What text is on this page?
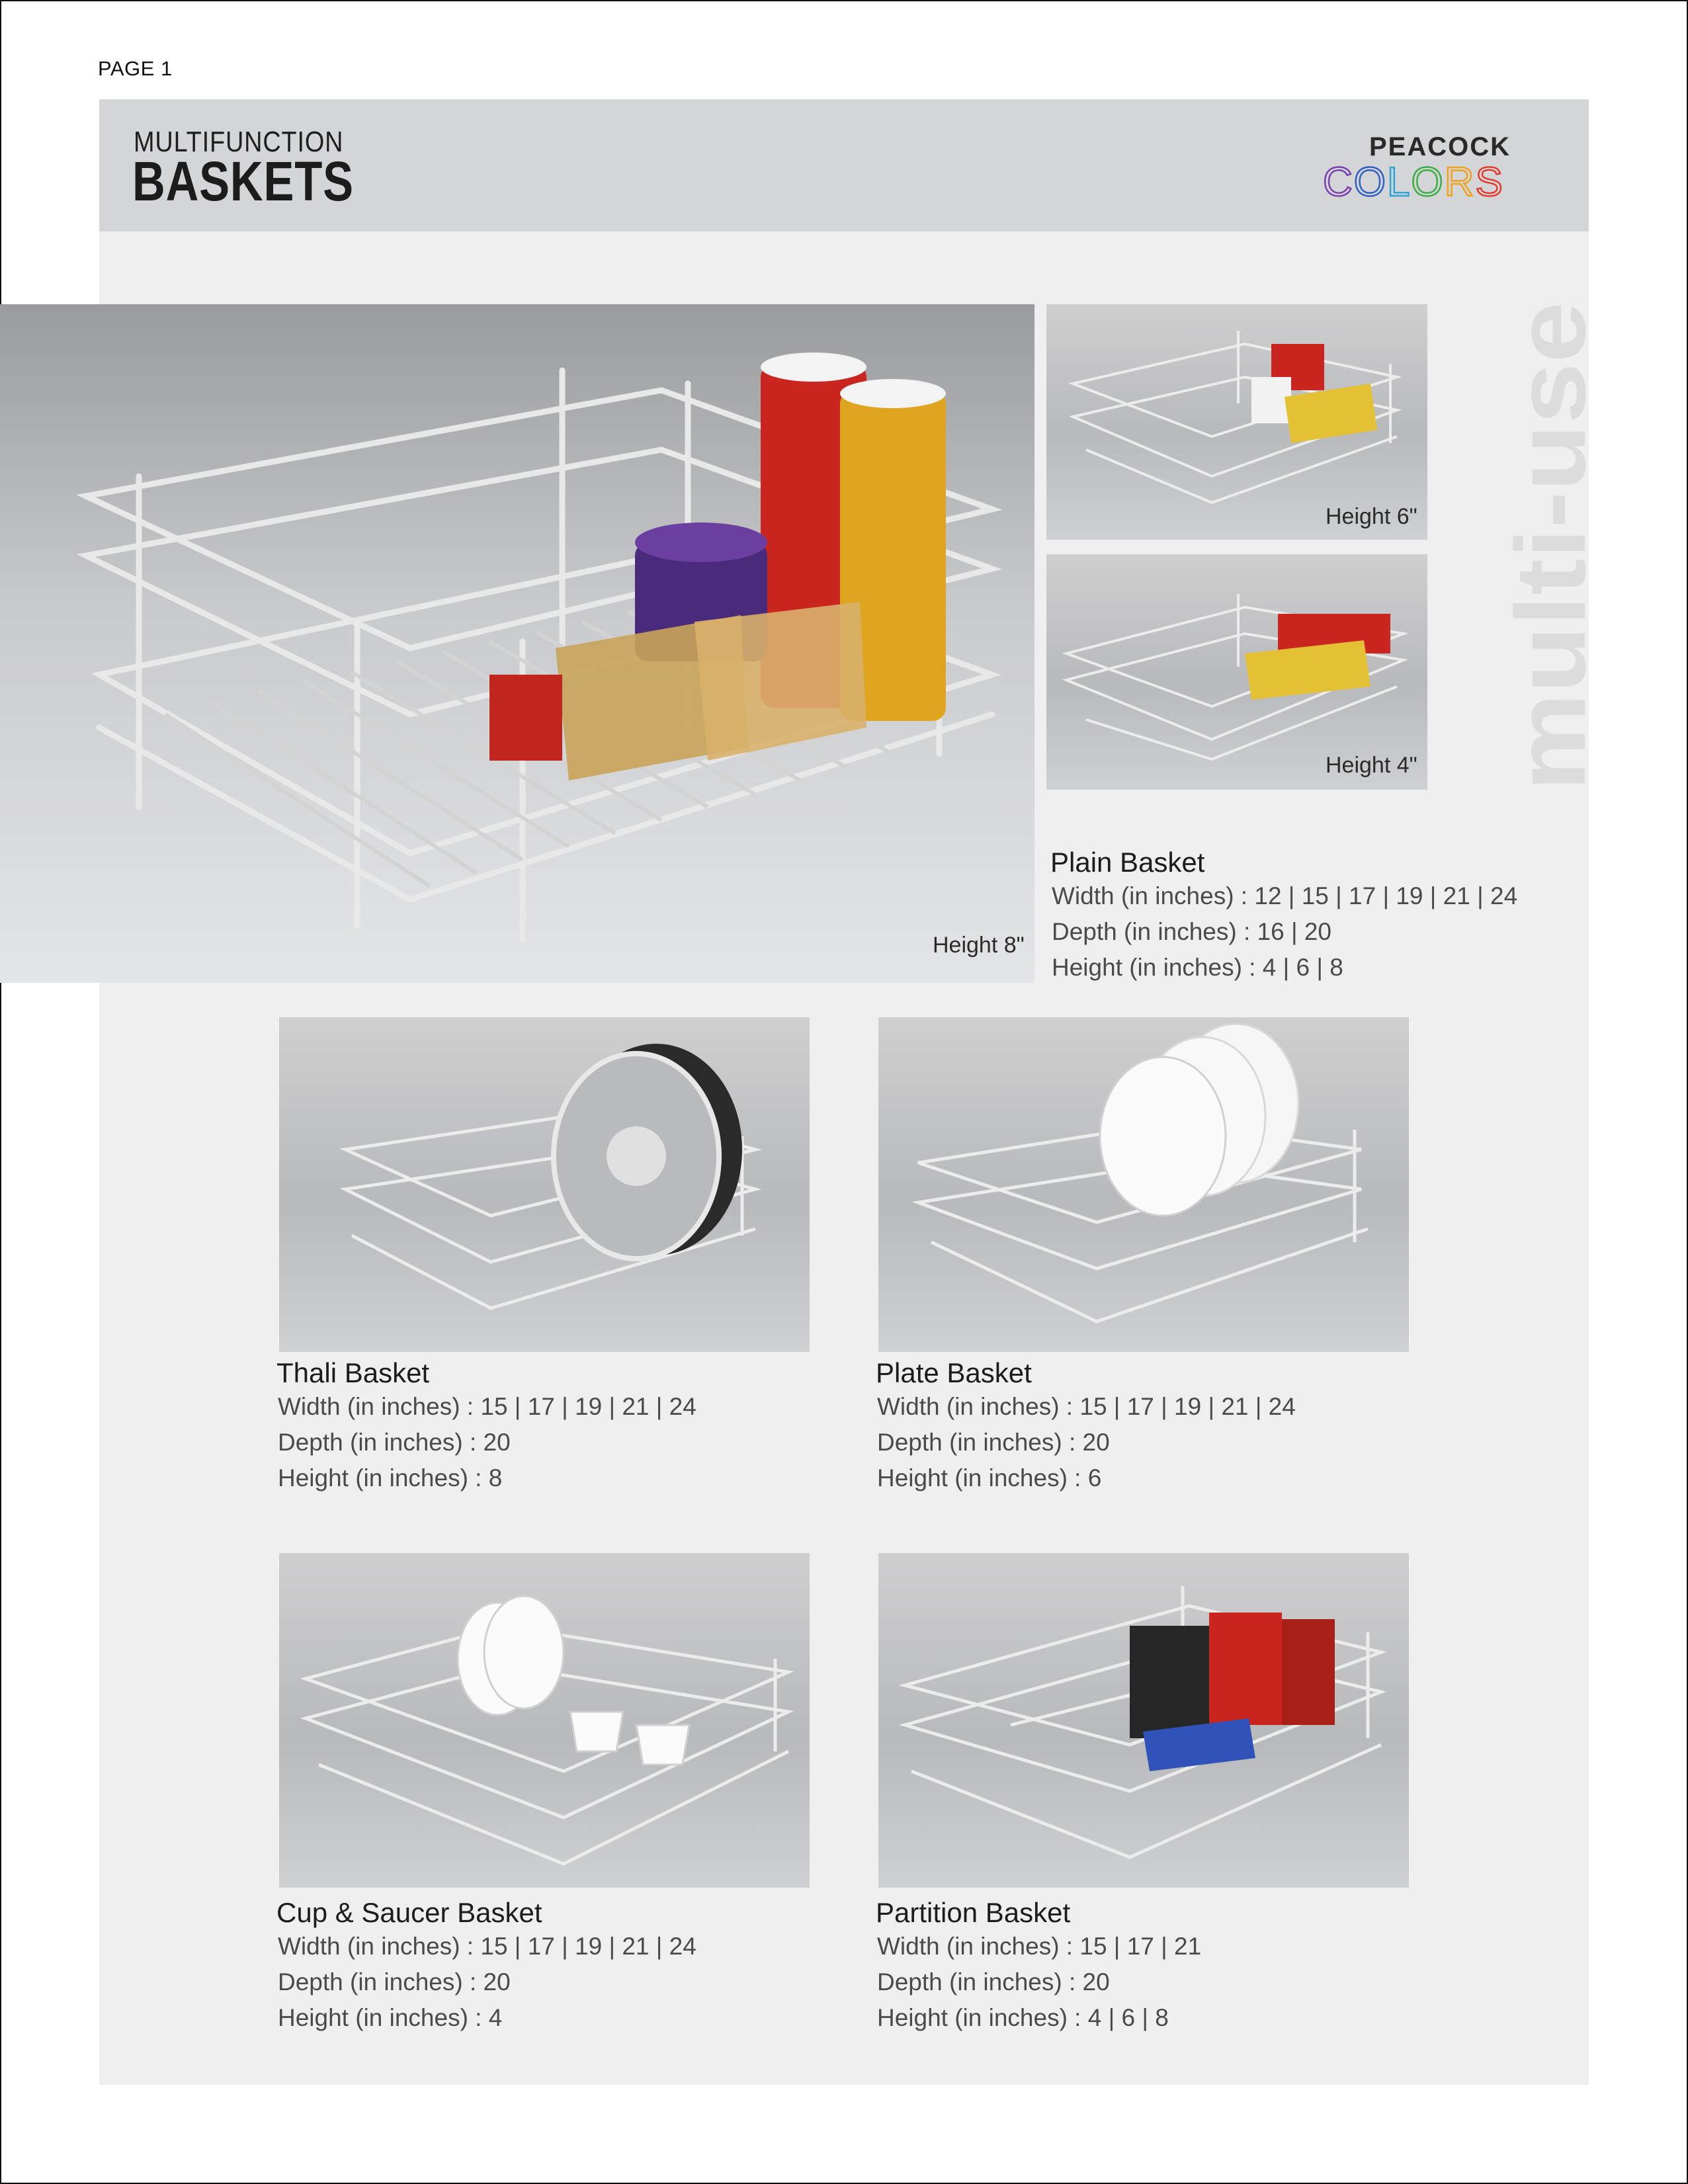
PAGE 1
MULTIFUNCTION
BASKETS
PEACOCK
COLORS
multi-use
Height 8"
Height 6"
Height 4"
Plain Basket
Width (in inches) : 12 | 15 | 17 | 19 | 21 | 24
Depth (in inches) : 16 | 20
Height (in inches) : 4 | 6 | 8
Thali Basket
Width (in inches) : 15 | 17 | 19 | 21 | 24
Depth (in inches) : 20
Height (in inches) : 8
Plate Basket
Width (in inches) : 15 | 17 | 19 | 21 | 24
Depth (in inches) : 20
Height (in inches) : 6
Cup & Saucer Basket
Width (in inches) : 15 | 17 | 19 | 21 | 24
Depth (in inches) : 20
Height (in inches) : 4
Partition Basket
Width (in inches) : 15 | 17 | 21
Depth (in inches) : 20
Height (in inches) : 4 | 6 | 8
